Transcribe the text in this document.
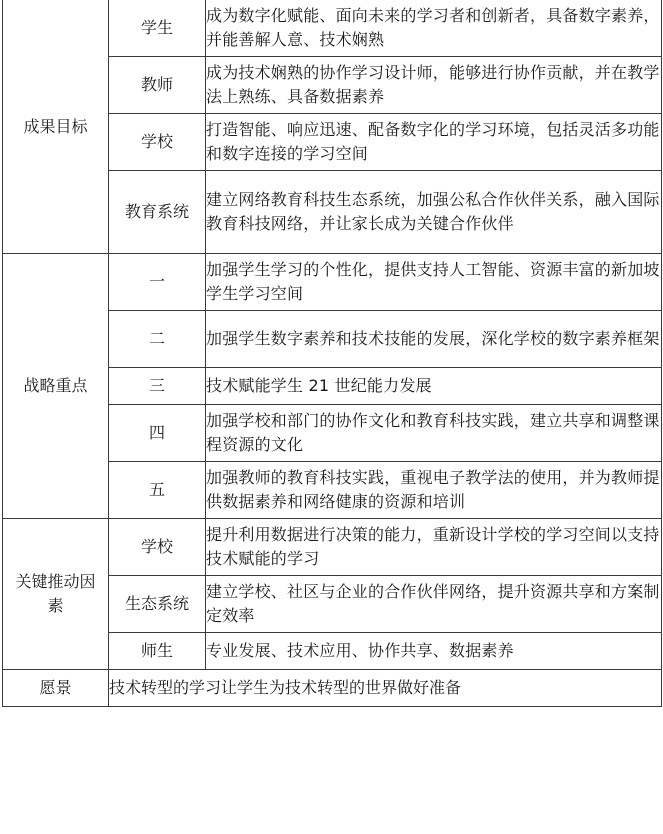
成果目标	学生	成为数字化赋能、面向未来的学习者和创新者，具备数字素养，并能善解人意、技术娴熟
	教师	成为技术娴熟的协作学习设计师，能够进行协作贡献，并在教学法上熟练、具备数据素养
	学校	打造智能、响应迅速、配备数字化的学习环境，包括灵活多功能和数字连接的学习空间
	教育系统	建立网络教育科技生态系统，加强公私合作伙伴关系，融入国际教育科技网络，并让家长成为关键合作伙伴
战略重点	一	加强学生学习的个性化，提供支持人工智能、资源丰富的新加坡学生学习空间
	二	加强学生数字素养和技术技能的发展，深化学校的数字素养框架
	三	技术赋能学生 21 世纪能力发展
	四	加强学校和部门的协作文化和教育科技实践，建立共享和调整课程资源的文化
	五	加强教师的教育科技实践，重视电子教学法的使用，并为教师提供数据素养和网络健康的资源和培训
关键推动因素	学校	提升利用数据进行决策的能力，重新设计学校的学习空间以支持技术赋能的学习
	生态系统	建立学校、社区与企业的合作伙伴网络，提升资源共享和方案制定效率
	师生	专业发展、技术应用、协作共享、数据素养
愿景	技术转型的学习让学生为技术转型的世界做好准备	
